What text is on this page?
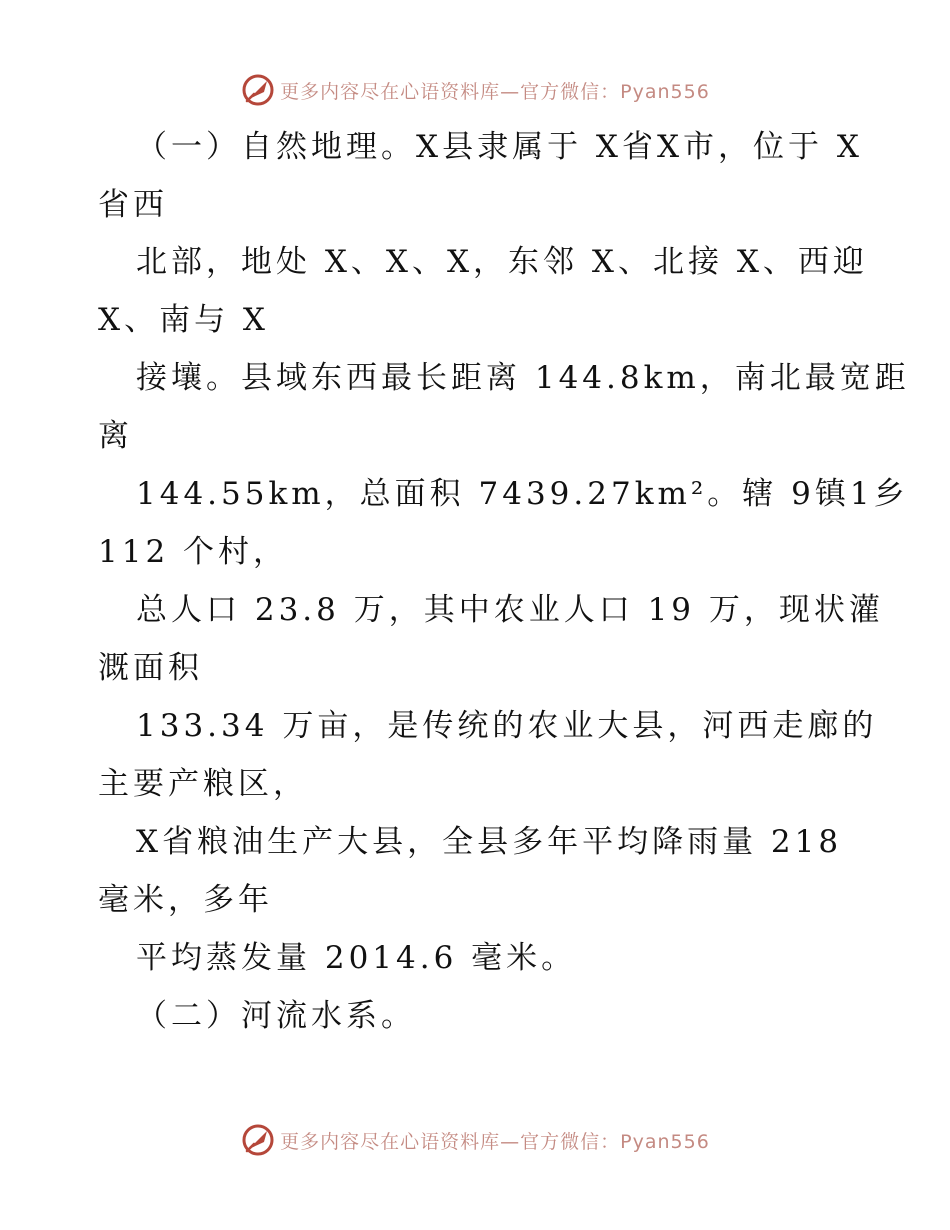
更多内容尽在心语资料库—官方微信：Pyan556
（一）自然地理。X县隶属于 X省X市，位于 X
省西
北部，地处 X、X、X，东邻 X、北接 X、西迎
X、南与 X
接壤。县域东西最长距离 144.8km，南北最宽距
离
144.55km，总面积 7439.27km²。辖 9镇1乡
112 个村，
总人口 23.8 万，其中农业人口 19 万，现状灌
溉面积
133.34 万亩，是传统的农业大县，河西走廊的
主要产粮区，
X省粮油生产大县，全县多年平均降雨量 218
毫米，多年
平均蒸发量 2014.6 毫米。
（二）河流水系。
更多内容尽在心语资料库—官方微信：Pyan556
